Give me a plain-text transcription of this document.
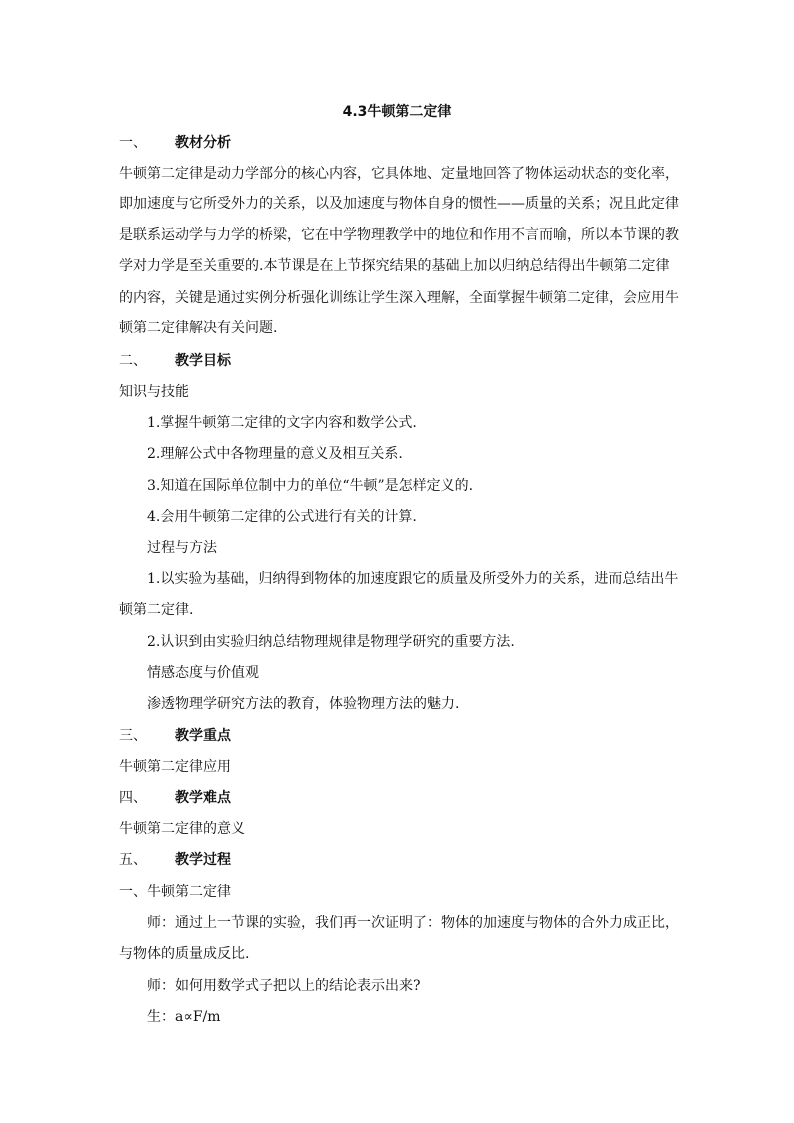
4.3牛顿第二定律
一、 教材分析
牛顿第二定律是动力学部分的核心内容，它具体地、定量地回答了物体运动状态的变化率，
即加速度与它所受外力的关系，以及加速度与物体自身的惯性——质量的关系；况且此定律
是联系运动学与力学的桥梁，它在中学物理教学中的地位和作用不言而喻，所以本节课的教
学对力学是至关重要的.本节课是在上节探究结果的基础上加以归纳总结得出牛顿第二定律
的内容，关键是通过实例分析强化训练让学生深入理解，全面掌握牛顿第二定律，会应用牛
顿第二定律解决有关问题.
二、 教学目标
知识与技能
1.掌握牛顿第二定律的文字内容和数学公式.
2.理解公式中各物理量的意义及相互关系.
3.知道在国际单位制中力的单位“牛顿”是怎样定义的.
4.会用牛顿第二定律的公式进行有关的计算.
过程与方法
1.以实验为基础，归纳得到物体的加速度跟它的质量及所受外力的关系，进而总结出牛
顿第二定律.
2.认识到由实验归纳总结物理规律是物理学研究的重要方法.
情感态度与价值观
渗透物理学研究方法的教育，体验物理方法的魅力.
三、 教学重点
牛顿第二定律应用
四、 教学难点
牛顿第二定律的意义
五、 教学过程
一、牛顿第二定律
师：通过上一节课的实验，我们再一次证明了：物体的加速度与物体的合外力成正比，
与物体的质量成反比.
师：如何用数学式子把以上的结论表示出来?
生：a∝F/m
